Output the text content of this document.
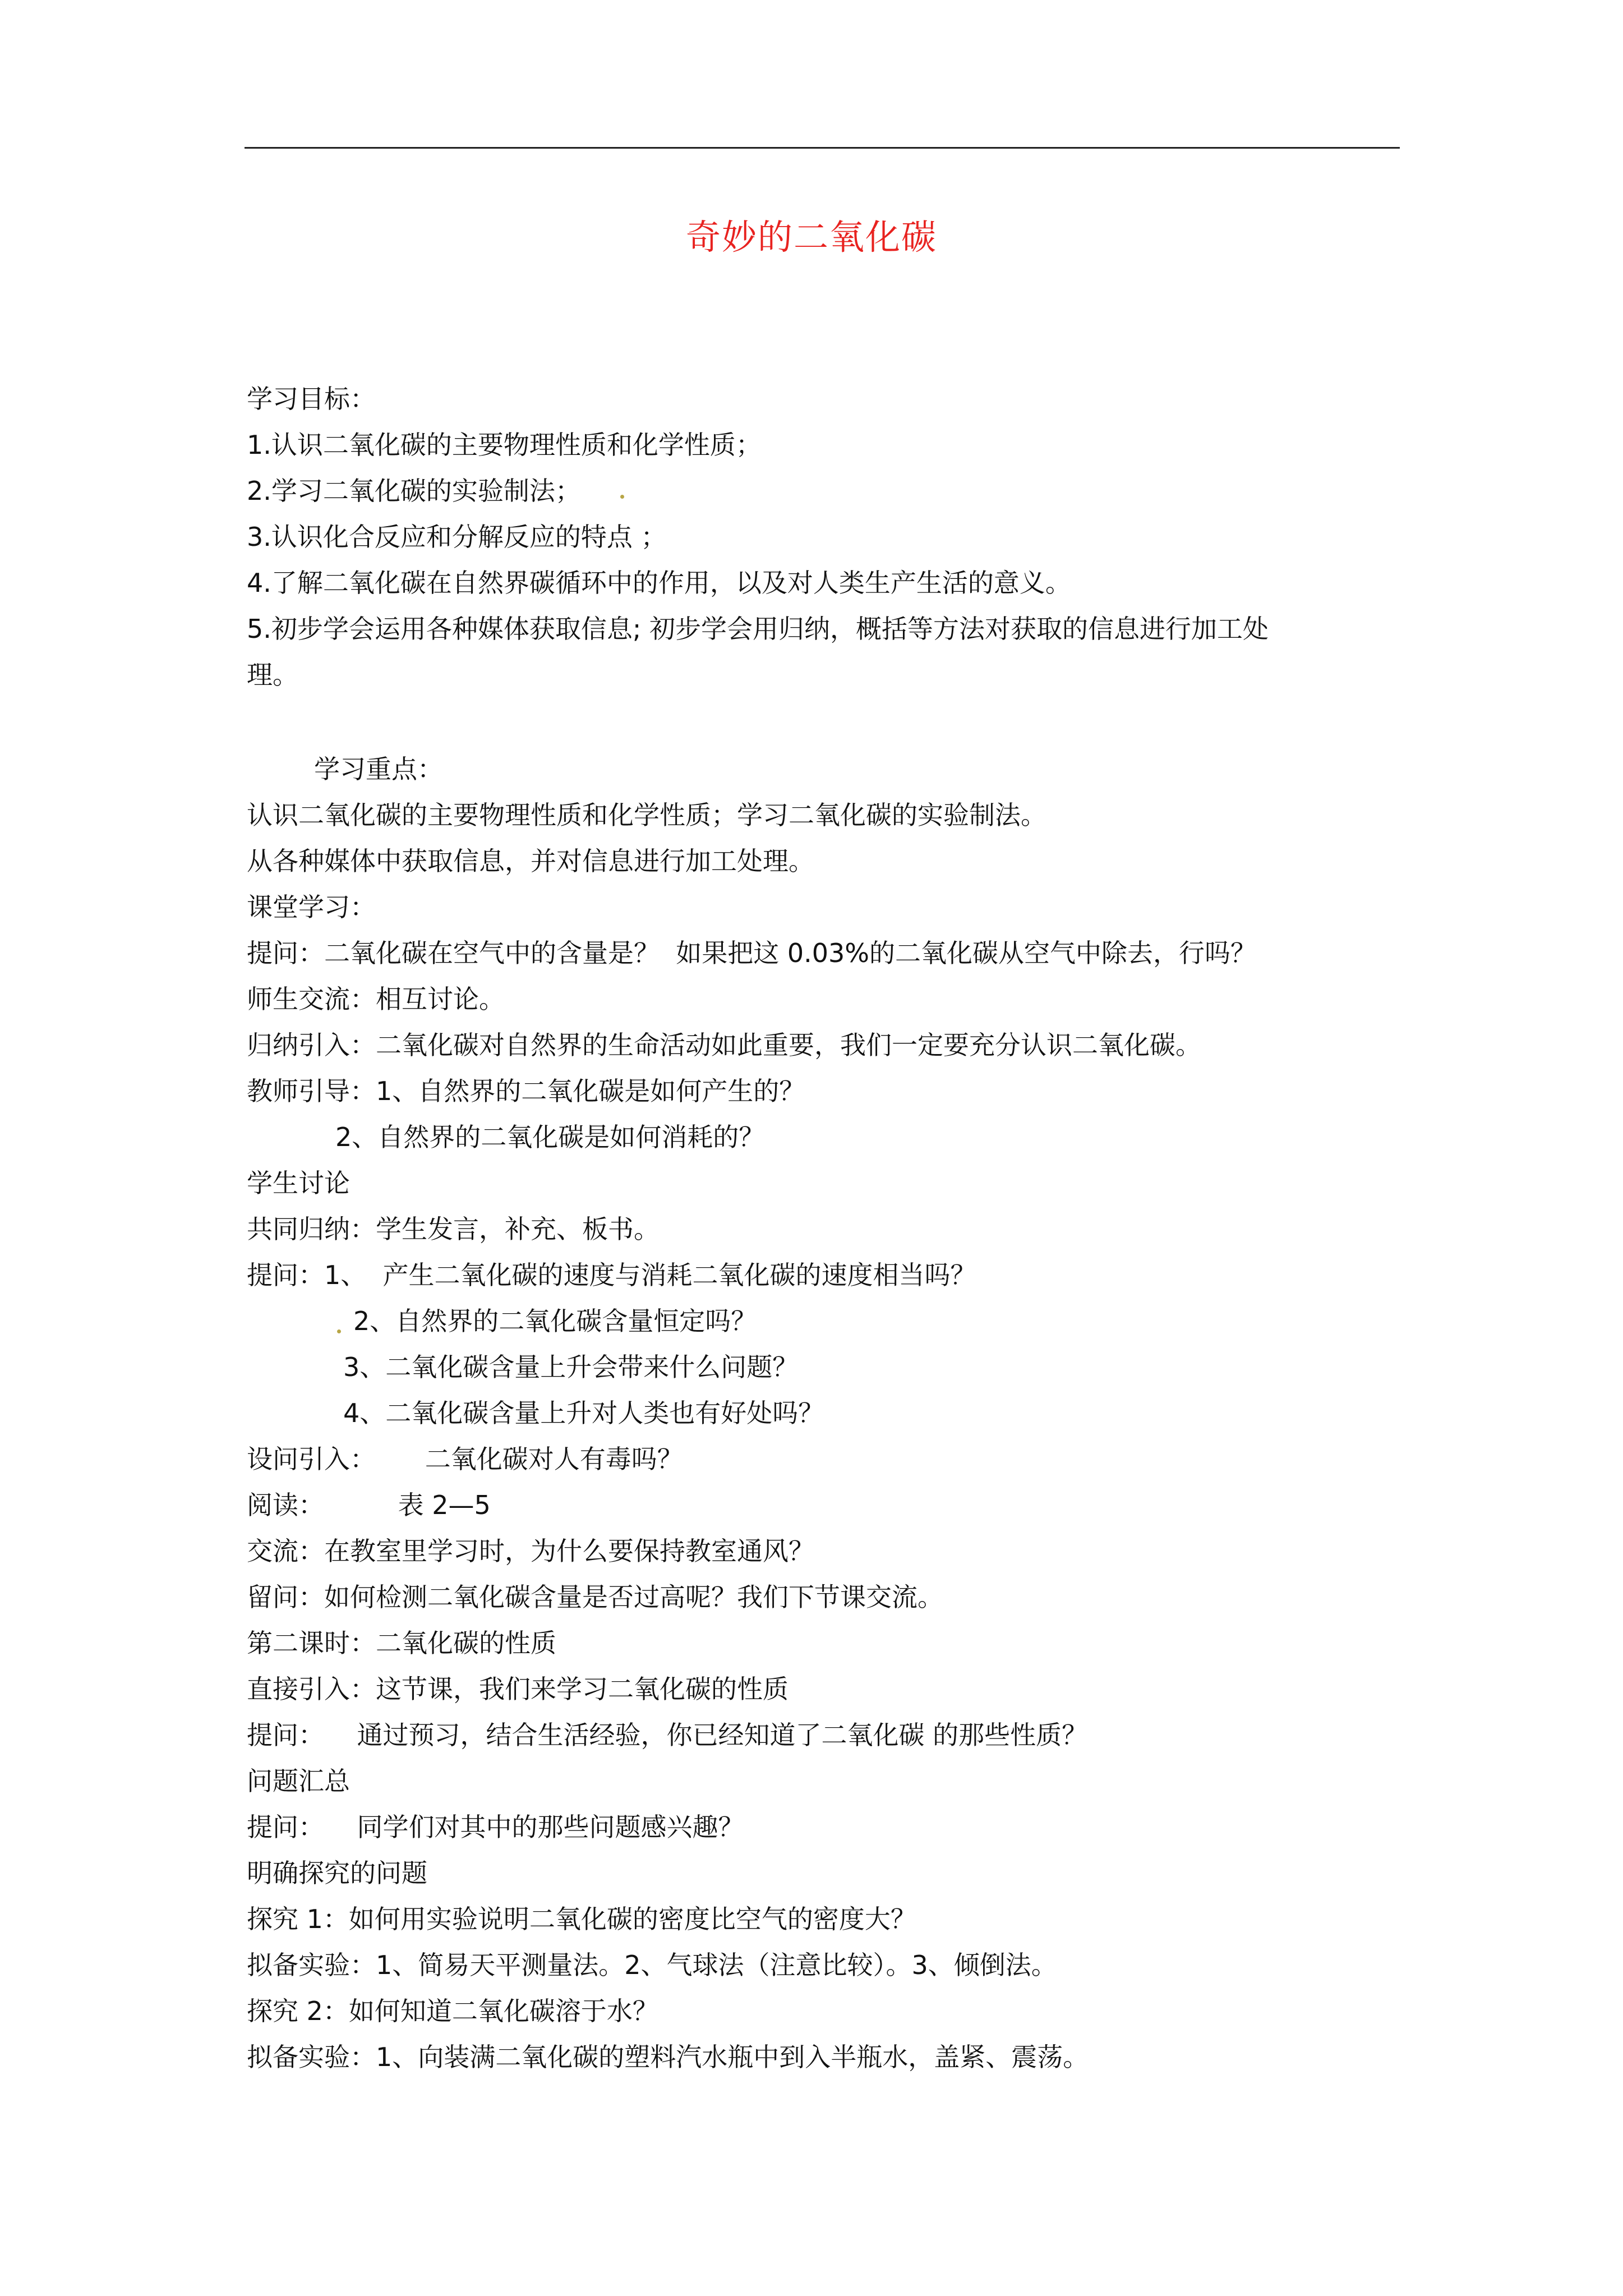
奇妙的二氧化碳
学习目标：
1.认识二氧化碳的主要物理性质和化学性质；
2.学习二氧化碳的实验制法；
3.认识化合反应和分解反应的特点 ；
4.了解二氧化碳在自然界碳循环中的作用，以及对人类生产生活的意义。
5.初步学会运用各种媒体获取信息; 初步学会用归纳，概括等方法对获取的信息进行加工处
理。
学习重点：
认识二氧化碳的主要物理性质和化学性质；学习二氧化碳的实验制法。
从各种媒体中获取信息，并对信息进行加工处理。
课堂学习：
提问：二氧化碳在空气中的含量是？  如果把这 0.03%的二氧化碳从空气中除去，行吗？
师生交流：相互讨论。
归纳引入：二氧化碳对自然界的生命活动如此重要，我们一定要充分认识二氧化碳。
教师引导：1、自然界的二氧化碳是如何产生的？
2、自然界的二氧化碳是如何消耗的？
学生讨论
共同归纳：学生发言，补充、板书。
提问：1、  产生二氧化碳的速度与消耗二氧化碳的速度相当吗？
2、自然界的二氧化碳含量恒定吗？
3、二氧化碳含量上升会带来什么问题？
4、二氧化碳含量上升对人类也有好处吗？
设问引入：      二氧化碳对人有毒吗？
阅读：         表 2—5
交流：在教室里学习时，为什么要保持教室通风？
留问：如何检测二氧化碳含量是否过高呢？我们下节课交流。
第二课时：二氧化碳的性质
直接引入：这节课，我们来学习二氧化碳的性质
提问：    通过预习，结合生活经验，你已经知道了二氧化碳 的那些性质？
问题汇总
提问：    同学们对其中的那些问题感兴趣？
明确探究的问题
探究 1：如何用实验说明二氧化碳的密度比空气的密度大？
拟备实验：1、简易天平测量法。2、气球法（注意比较）。3、倾倒法。
探究 2：如何知道二氧化碳溶于水？
拟备实验：1、向装满二氧化碳的塑料汽水瓶中到入半瓶水，盖紧、震荡。
